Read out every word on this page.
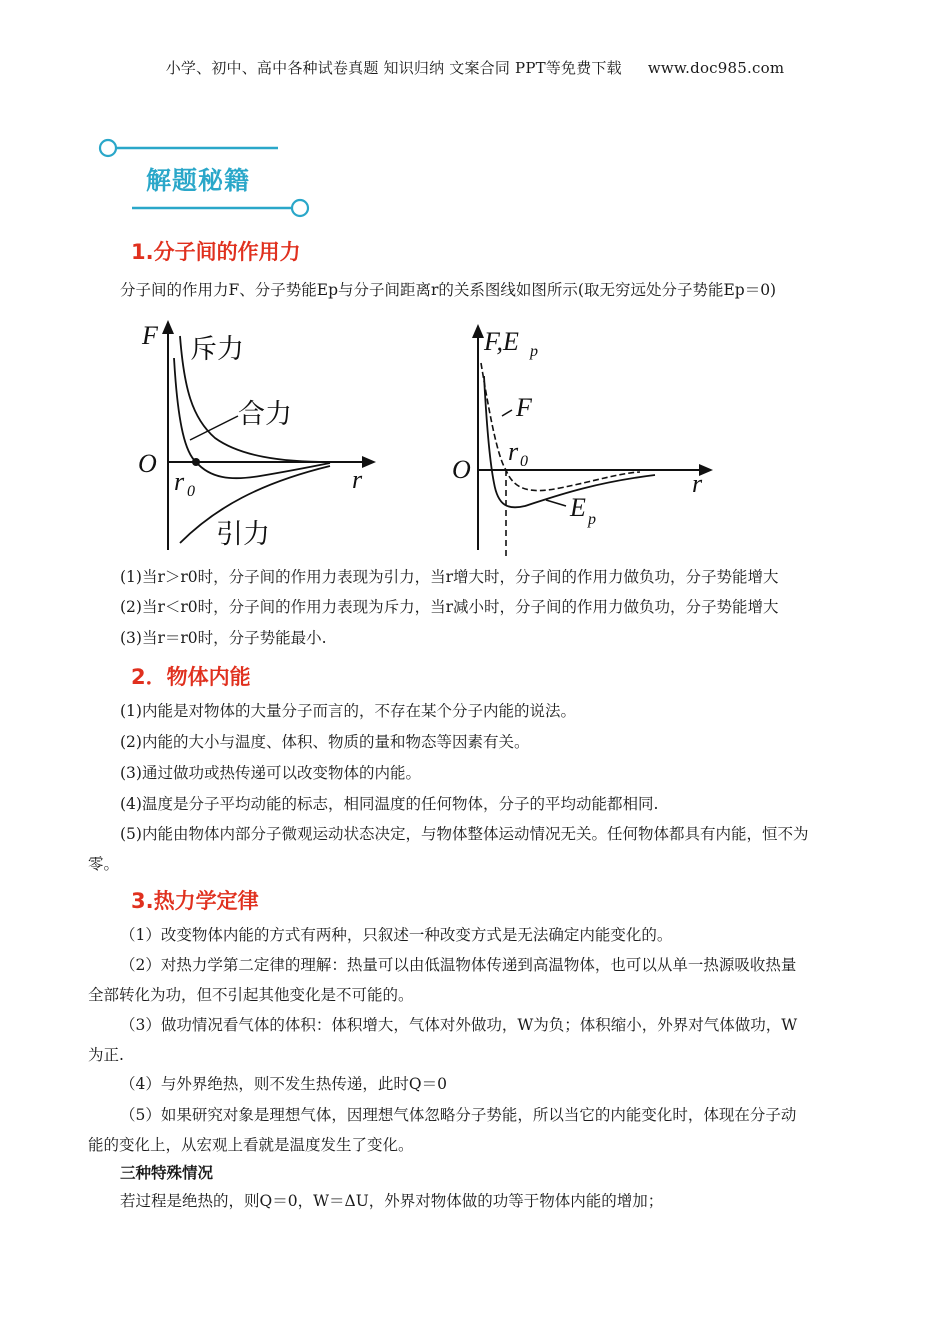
小学、初中、高中各种试卷真题 知识归纳 文案合同 PPT等免费下载 www.doc985.com
解题秘籍
1.分子间的作用力
分子间的作用力F、分子势能Ep与分子间距离r的关系图线如图所示(取无穷远处分子势能Ep＝0)
F
O
r
r 0
斥力
合力
引力
F,E p
O	r
r 0
F
E p
(1)当r＞r0时，分子间的作用力表现为引力，当r增大时，分子间的作用力做负功，分子势能增大
(2)当r＜r0时，分子间的作用力表现为斥力，当r减小时，分子间的作用力做负功，分子势能增大
(3)当r＝r0时，分子势能最小.
2．物体内能
(1)内能是对物体的大量分子而言的，不存在某个分子内能的说法。
(2)内能的大小与温度、体积、物质的量和物态等因素有关。
(3)通过做功或热传递可以改变物体的内能。
(4)温度是分子平均动能的标志，相同温度的任何物体，分子的平均动能都相同.
(5)内能由物体内部分子微观运动状态决定，与物体整体运动情况无关。任何物体都具有内能，恒不为
零。
3.热力学定律
（1）改变物体内能的方式有两种，只叙述一种改变方式是无法确定内能变化的。
（2）对热力学第二定律的理解：热量可以由低温物体传递到高温物体，也可以从单一热源吸收热量
全部转化为功，但不引起其他变化是不可能的。
（3）做功情况看气体的体积：体积增大，气体对外做功，W为负；体积缩小，外界对气体做功，W
为正.
（4）与外界绝热，则不发生热传递，此时Q＝0
（5）如果研究对象是理想气体，因理想气体忽略分子势能，所以当它的内能变化时，体现在分子动
能的变化上，从宏观上看就是温度发生了变化。
三种特殊情况
若过程是绝热的，则Q＝0，W＝ΔU，外界对物体做的功等于物体内能的增加；
